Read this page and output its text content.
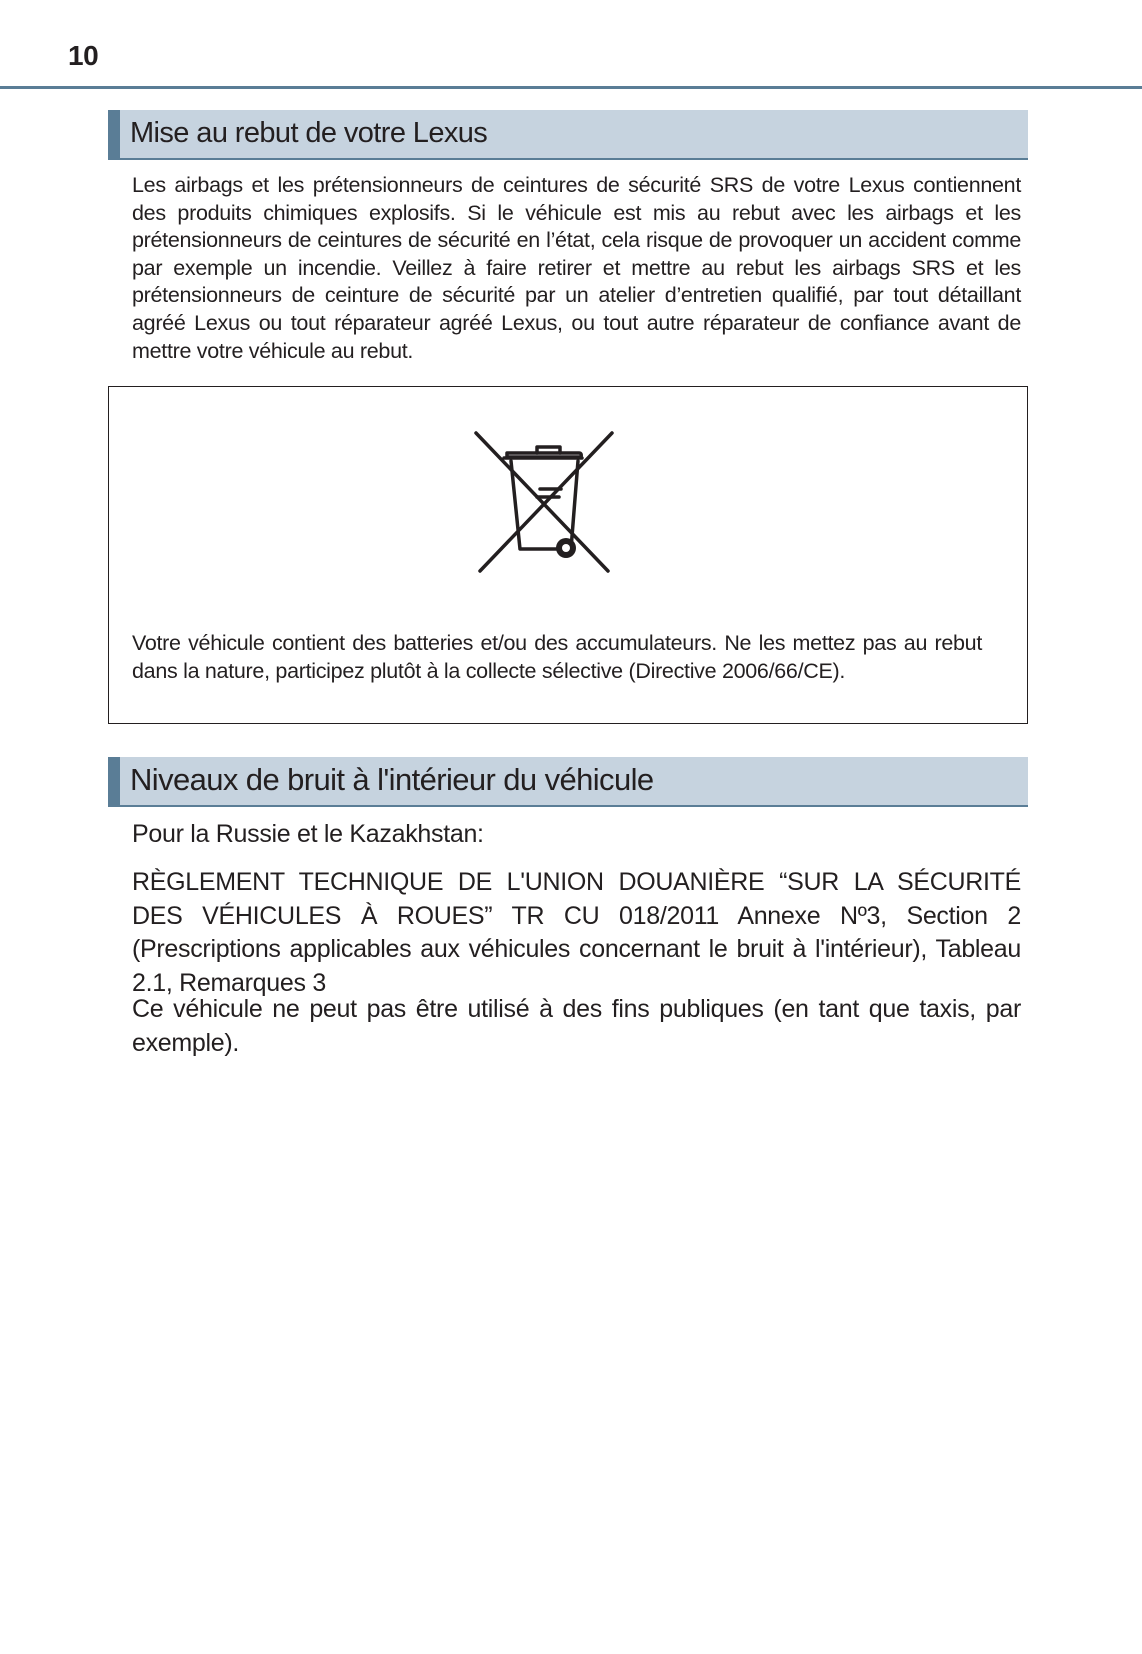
10
Mise au rebut de votre Lexus

Les airbags et les prétensionneurs de ceintures de sécurité SRS de votre Lexus contiennent des produits chimiques explosifs. Si le véhicule est mis au rebut avec les airbags et les prétensionneurs de ceintures de sécurité en l’état, cela risque de provoquer un accident comme par exemple un incendie. Veillez à faire retirer et mettre au rebut les airbags SRS et les prétensionneurs de ceinture de sécurité par un atelier d’entretien qualifié, par tout détaillant agréé Lexus ou tout réparateur agréé Lexus, ou tout autre réparateur de confiance avant de mettre votre véhicule au rebut.

Votre véhicule contient des batteries et/ou des accumulateurs. Ne les mettez pas au rebut dans la nature, participez plutôt à la collecte sélective (Directive 2006/66/CE).

Niveaux de bruit à l'intérieur du véhicule

Pour la Russie et le Kazakhstan:

RÈGLEMENT TECHNIQUE DE L'UNION DOUANIÈRE “SUR LA SÉCURITÉ DES VÉHICULES À ROUES” TR CU 018/2011 Annexe Nº3, Section 2 (Prescriptions applicables aux véhicules concernant le bruit à l'intérieur), Tableau 2.1, Remarques 3

Ce véhicule ne peut pas être utilisé à des fins publiques (en tant que taxis, par exemple).
